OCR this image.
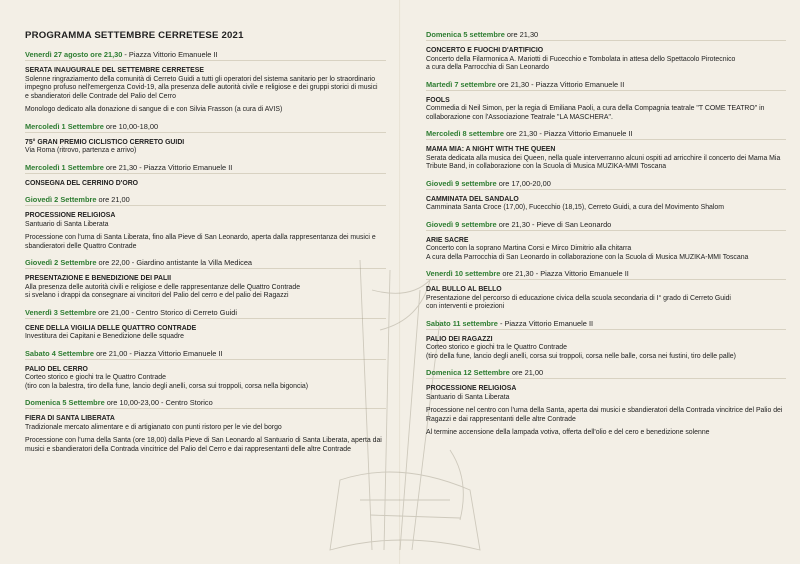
PROGRAMMA SETTEMBRE CERRETESE 2021
Venerdì 27 agosto ore 21,30 - Piazza Vittorio Emanuele II
SERATA INAUGURALE DEL SETTEMBRE CERRETESE
Solenne ringraziamento della comunità di Cerreto Guidi a tutti gli operatori del sistema sanitario per lo straordinario
impegno profuso nell'emergenza Covid-19, alla presenza delle autorità civile e religiose e dei gruppi storici di musici
e sbandieratori delle Contrade del Palio del Cerro
Monologo dedicato alla donazione di sangue di e con Silvia Frasson (a cura di AVIS)
Mercoledì 1 Settembre ore 10,00-18,00
75° GRAN PREMIO CICLISTICO CERRETO GUIDI
Via Roma (ritrovo, partenza e arrivo)
Mercoledì 1 Settembre ore 21,30 - Piazza Vittorio Emanuele II
CONSEGNA DEL CERRINO D'ORO
Giovedì 2 Settembre ore 21,00
PROCESSIONE RELIGIOSA
Santuario di Santa Liberata
Processione con l'urna di Santa Liberata, fino alla Pieve di San Leonardo, aperta dalla rappresentanza dei musici e
sbandieratori delle Quattro Contrade
Giovedì 2 Settembre ore 22,00 - Giardino antistante la Villa Medicea
PRESENTAZIONE E BENEDIZIONE DEI PALII
Alla presenza delle autorità civili e religiose e delle rappresentanze delle Quattro Contrade
si svelano i drappi da consegnare ai vincitori del Palio del cerro e del palio dei Ragazzi
Venerdì 3 Settembre ore 21,00 - Centro Storico di Cerreto Guidi
CENE DELLA VIGILIA DELLE QUATTRO CONTRADE
Investitura dei Capitani e Benedizione delle squadre
Sabato 4 Settembre ore 21,00 - Piazza Vittorio Emanuele II
PALIO DEL CERRO
Corteo storico e giochi tra le Quattro Contrade
(tiro con la balestra, tiro della fune, lancio degli anelli, corsa sui troppoli, corsa nella bigoncia)
Domenica 5 Settembre ore 10,00-23,00 - Centro Storico
FIERA DI SANTA LIBERATA
Tradizionale mercato alimentare e di artigianato con punti ristoro per le vie del borgo
Processione con l'urna della Santa (ore 18,00) dalla Pieve di San Leonardo al Santuario di Santa Liberata, aperta dai
musici e sbandieratori della Contrada vincitrice del Palio del Cerro e dai rappresentanti delle altre Contrade
Domenica 5 settembre ore 21,30
CONCERTO E FUOCHI D'ARTIFICIO
Concerto della Filarmonica A. Mariotti di Fucecchio e Tombolata in attesa dello Spettacolo Pirotecnico
a cura della Parrocchia di San Leonardo
Martedì 7 settembre ore 21,30 - Piazza Vittorio Emanuele II
FOOLS
Commedia di Neil Simon, per la regia di Emiliana Paoli, a cura della Compagnia teatrale "T COME TEATRO" in
collaborazione con l'Associazione Teatrale "LA MASCHERA".
Mercoledì 8 settembre ore 21,30 - Piazza Vittorio Emanuele II
MAMA MIA: A NIGHT WITH THE QUEEN
Serata dedicata alla musica dei Queen, nella quale interverranno alcuni ospiti ad arricchire il concerto dei Mama Mia
Tribute Band, in collaborazione con la Scuola di Musica MUZIKA-MMI Toscana
Giovedì 9 settembre ore 17,00-20,00
CAMMINATA DEL SANDALO
Camminata Santa Croce (17,00), Fucecchio (18,15), Cerreto Guidi, a cura del Movimento Shalom
Giovedì 9 settembre ore 21,30 - Pieve di San Leonardo
ARIE SACRE
Concerto con la soprano Martina Corsi e Mirco Dimitrio alla chitarra
A cura della Parrocchia di San Leonardo in collaborazione con la Scuola di Musica MUZIKA-MMI Toscana
Venerdì 10 settembre ore 21,30 - Piazza Vittorio Emanuele II
DAL BULLO AL BELLO
Presentazione del percorso di educazione civica della scuola secondaria di I° grado di Cerreto Guidi
con interventi e proiezioni
Sabato 11 settembre - Piazza Vittorio Emanuele II
PALIO DEI RAGAZZI
Corteo storico e giochi tra le Quattro Contrade
(tiro della fune, lancio degli anelli, corsa sui troppoli, corsa nelle balle, corsa nei fustini, tiro delle palle)
Domenica 12 Settembre ore 21,00
PROCESSIONE RELIGIOSA
Santuario di Santa Liberata
Processione nel centro con l'urna della Santa, aperta dai musici e sbandieratori della Contrada vincitrice del Palio dei
Ragazzi e dai rappresentanti delle altre Contrade
Al termine accensione della lampada votiva, offerta dell'olio e del cero e benedizione solenne
